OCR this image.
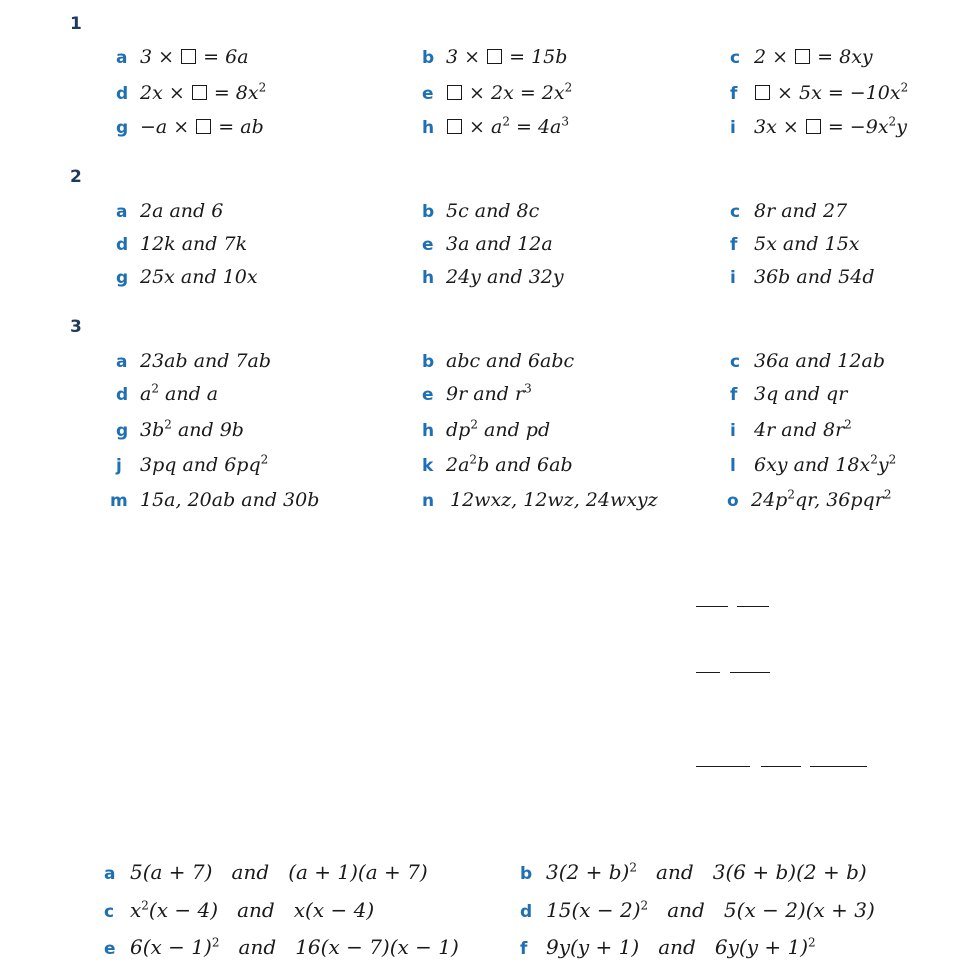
1
a 3 ×  = 6a	b 3 ×  = 15b	c 2 ×  = 8xy
d 2x ×  = $8x^2$	$e \times 2x = 2x^2$	$f \times 5x = -10x^2$
g −a ×  = ab	$h \times a^2 = 4a^3$	i 3x ×  = $-9x^2y$
2
a 2a and 6	b 5c and 8c	c 8r and 27
d 12k and 7k	e 3a and 12a	f 5x and 15x
g 25x and 10x	h 24y and 32y	i 36b and 54d
3
a 23ab and 7ab	b abc and 6abc	c 36a and 12ab
d $a^2$ and a	e 9r and $r^3$	f 3q and qr
g $3b^2$ and 9b	h $dp^2$ and pd	i 4r and $8r^2$
j 3pq and $6pq^2$	k $2a^2b$ and 6ab	l 6xy and $18x^2y^2$
m 15a, 20ab and 30b	n 12wxz, 12wz, 24wxyz	o $24p^2qr$, 36pqr$^2$
a 5(a + 7)   and   (a + 1)(a + 7)	b $3(2 + b)^2$   and   3(6 + b)(2 + b)
c $x^2(x - 4)$   and   x(x − 4)	d $15(x - 2)^2$   and   5(x − 2)(x + 3)
e $6(x - 1)^2$   and   16(x − 7)(x − 1)	f 9y(y + 1)   and   $6y(y + 1)^2$
